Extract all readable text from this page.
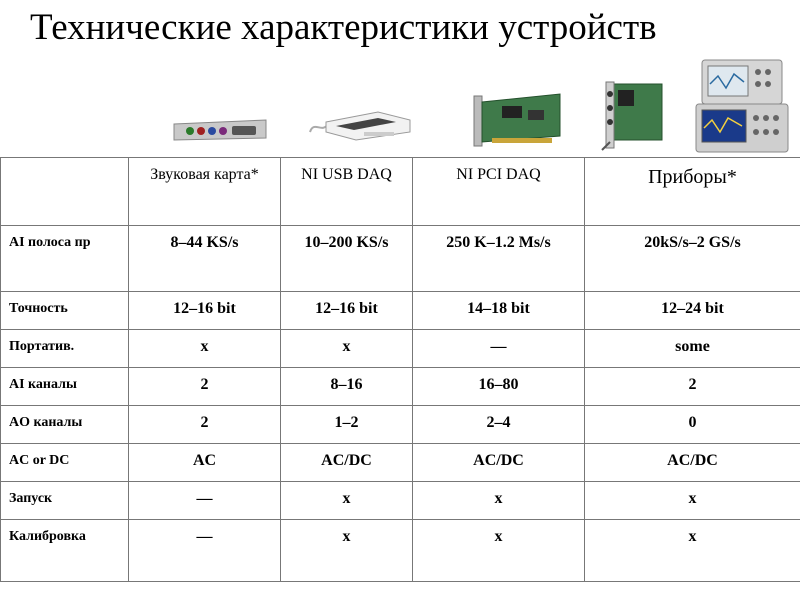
Технические характеристики устройств
	Звуковая карта*	NI USB DAQ	NI PCI DAQ	Приборы*
AI полоса пр	8–44 KS/s	10–200 KS/s	250 K–1.2 Ms/s	20kS/s–2 GS/s
Точность	12–16 bit	12–16 bit	14–18 bit	12–24 bit
Портатив.	x	x	—	some
AI каналы	2	8–16	16–80	2
AO каналы	2	1–2	2–4	0
AC or DC	AC	AC/DC	AC/DC	AC/DC
Запуск	—	x	x	x
Калибровка	—	x	x	x
